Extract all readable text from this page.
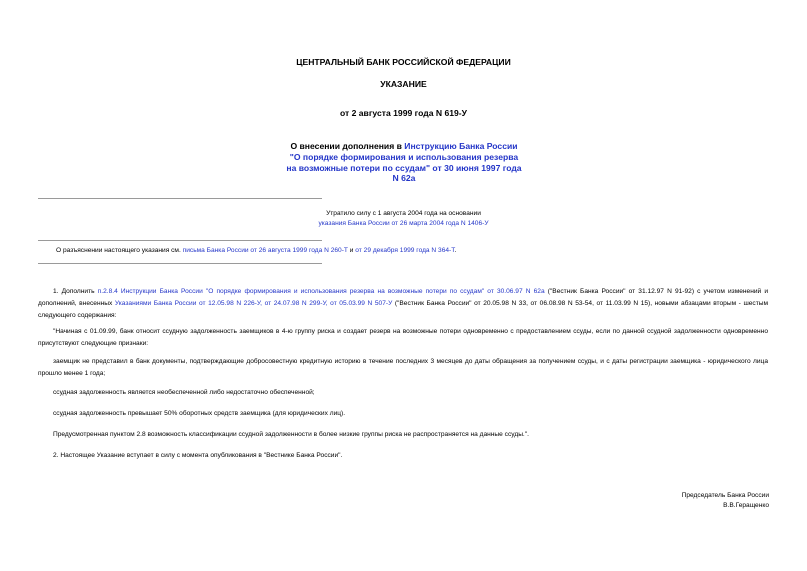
ЦЕНТРАЛЬНЫЙ БАНК РОССИЙСКОЙ ФЕДЕРАЦИИ
УКАЗАНИЕ
от 2 августа 1999 года N 619-У
О внесении дополнения в Инструкцию Банка России "О порядке формирования и использования резерва на возможные потери по ссудам" от 30 июня 1997 года N 62а
Утратило силу с 1 августа 2004 года на основании
указания Банка России от 26 марта 2004 года N 1406-У
О разъяснении настоящего указания см. письма Банка России от 26 августа 1999 года N 260-Т и от 29 декабря 1999 года N 364-Т.
1. Дополнить п.2.8.4 Инструкции Банка России "О порядке формирования и использования резерва на возможные потери по ссудам" от 30.06.97 N 62а ("Вестник Банка России" от 31.12.97 N 91-92) с учетом изменений и дополнений, внесенных Указаниями Банка России от 12.05.98 N 226-У, от 24.07.98 N 299-У, от 05.03.99 N 507-У ("Вестник Банка России" от 20.05.98 N 33, от 06.08.98 N 53-54, от 11.03.99 N 15), новыми абзацами вторым - шестым следующего содержания:
"Начиная с 01.09.99, банк относит ссудную задолженность заемщиков в 4-ю группу риска и создает резерв на возможные потери одновременно с предоставлением ссуды, если по данной ссудной задолженности одновременно присутствуют следующие признаки:
заемщик не представил в банк документы, подтверждающие добросовестную кредитную историю в течение последних 3 месяцев до даты обращения за получением ссуды, и с даты регистрации заемщика - юридического лица прошло менее 1 года;
ссудная задолженность является необеспеченной либо недостаточно обеспеченной;
ссудная задолженность превышает 50% оборотных средств заемщика (для юридических лиц).
Предусмотренная пунктом 2.8 возможность классификации ссудной задолженности в более низкие группы риска не распространяется на данные ссуды.".
2. Настоящее Указание вступает в силу с момента опубликования в "Вестнике Банка России".
Председатель Банка России
В.В.Геращенко
